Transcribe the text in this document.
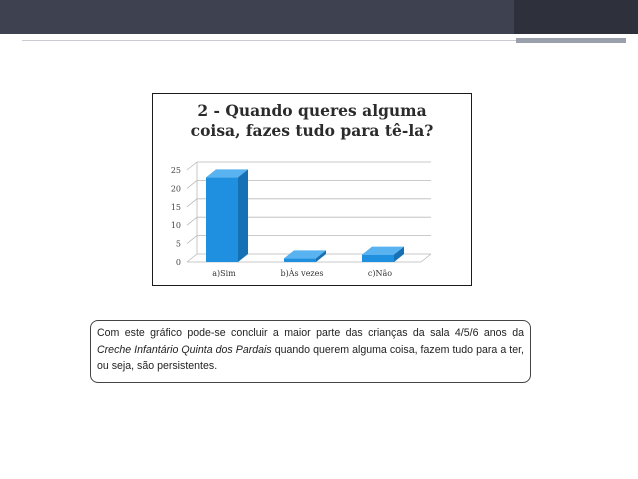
2 - Quando queres alguma
coisa, fazes tudo para tê-la?
0
5
10
15
20
25
a)Sim	b)Às vezes	c)Não

Com este gráfico pode-se concluir a maior parte das crianças da sala 4/5/6 anos da Creche Infantário Quinta dos Pardais quando querem alguma coisa, fazem tudo para a ter, ou seja, são persistentes.
